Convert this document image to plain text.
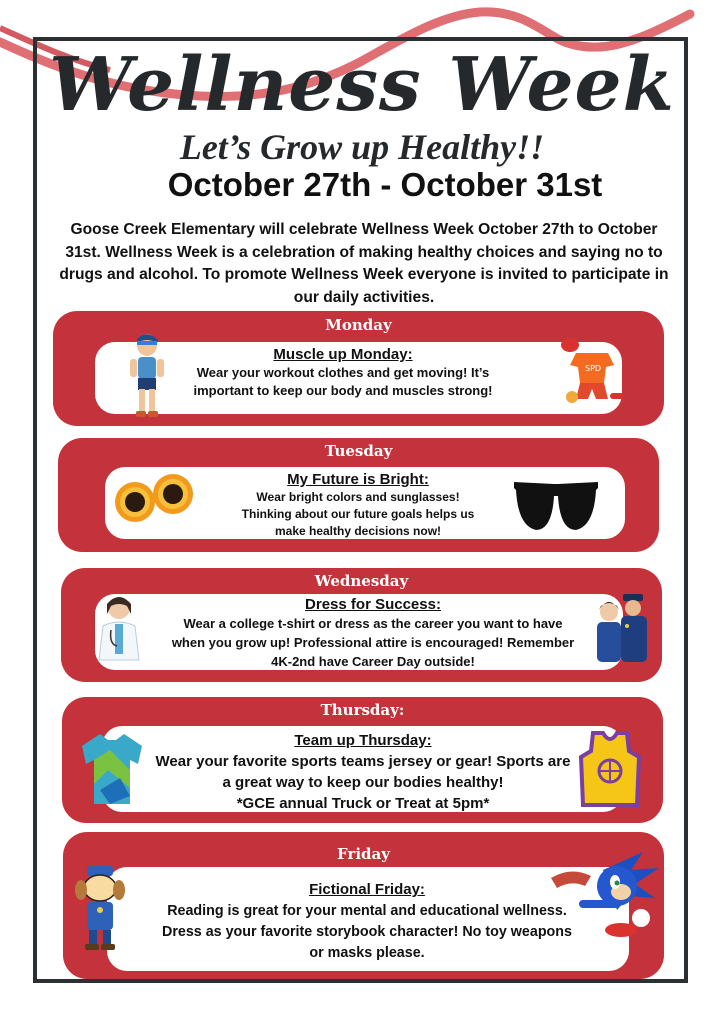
Wellness Week
Let’s Grow up Healthy!!
October 27th - October 31st
Goose Creek Elementary will celebrate Wellness Week October 27th to October 31st. Wellness Week is a celebration of making healthy choices and saying no to drugs and alcohol. To promote Wellness Week everyone is invited to participate in our daily activities.
Monday
Muscle up Monday:
Wear your workout clothes and get moving! It’s
important to keep our body and muscles strong!
SPD
Tuesday
My Future is Bright:
Wear bright colors and sunglasses!
Thinking about our future goals helps us
make healthy decisions now!
Wednesday
Dress for Success:
Wear a college t-shirt or dress as the career you want to have
when you grow up! Professional attire is encouraged! Remember
4K-2nd have Career Day outside!
Thursday:
Team up Thursday:
Wear your favorite sports teams jersey or gear! Sports are
a great way to keep our bodies healthy!
*GCE annual Truck or Treat at 5pm*
Friday
Fictional Friday:
Reading is great for your mental and educational wellness.
Dress as your favorite storybook character! No toy weapons
or masks please.
